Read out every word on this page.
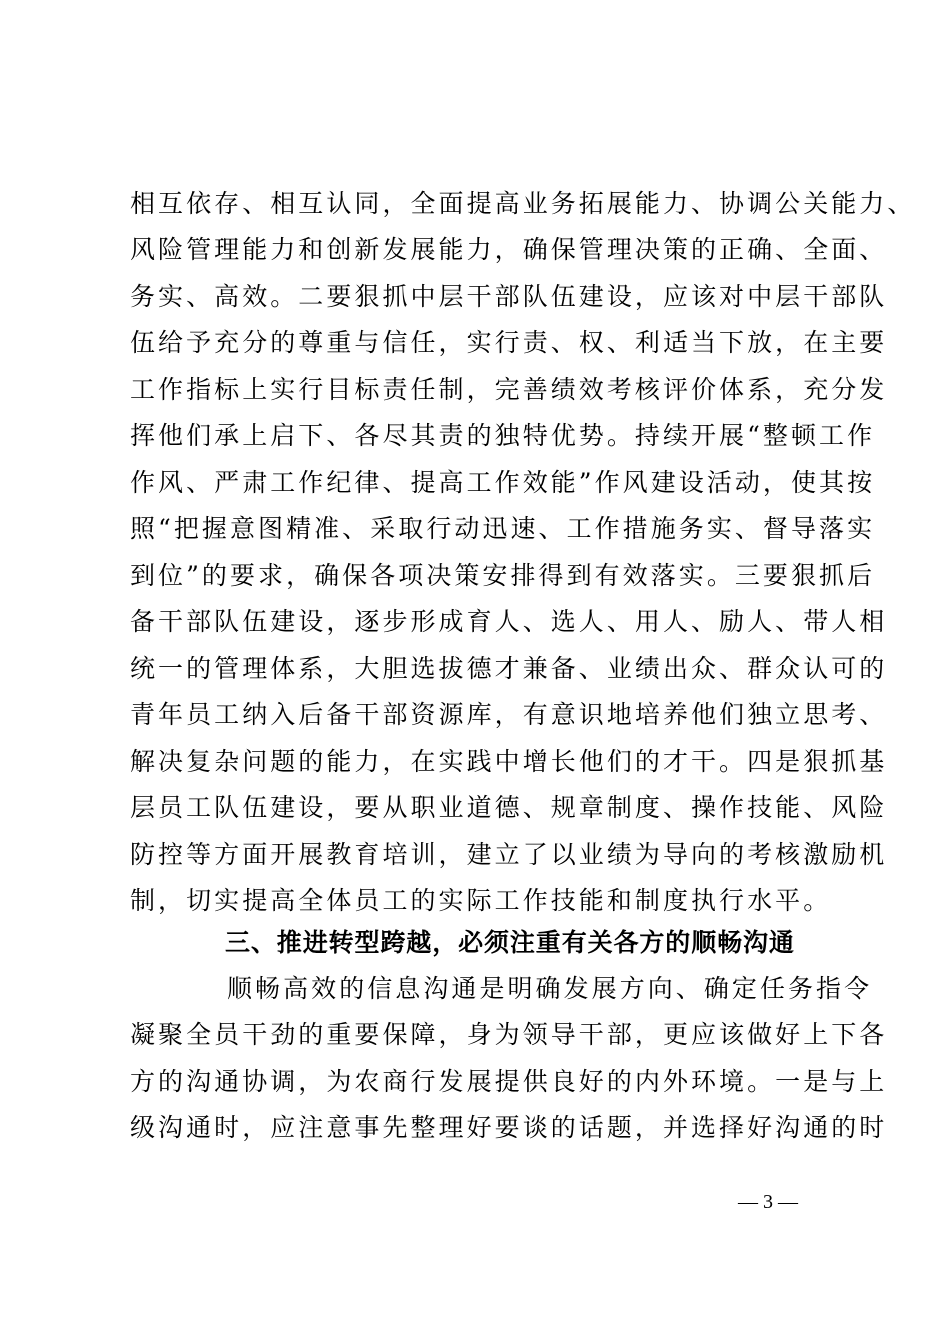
相互依存、相互认同，全面提高业务拓展能力、协调公关能力、
风险管理能力和创新发展能力，确保管理决策的正确、全面、
务实、高效。二要狠抓中层干部队伍建设，应该对中层干部队
伍给予充分的尊重与信任，实行责、权、利适当下放，在主要
工作指标上实行目标责任制，完善绩效考核评价体系，充分发
挥他们承上启下、各尽其责的独特优势。持续开展“整顿工作
作风、严肃工作纪律、提高工作效能”作风建设活动，使其按
照“把握意图精准、采取行动迅速、工作措施务实、督导落实
到位”的要求，确保各项决策安排得到有效落实。三要狠抓后
备干部队伍建设，逐步形成育人、选人、用人、励人、带人相
统一的管理体系，大胆选拔德才兼备、业绩出众、群众认可的
青年员工纳入后备干部资源库，有意识地培养他们独立思考、
解决复杂问题的能力，在实践中增长他们的才干。四是狠抓基
层员工队伍建设，要从职业道德、规章制度、操作技能、风险
防控等方面开展教育培训，建立了以业绩为导向的考核激励机
制，切实提高全体员工的实际工作技能和制度执行水平。
三、推进转型跨越，必须注重有关各方的顺畅沟通
顺畅高效的信息沟通是明确发展方向、确定任务指令
凝聚全员干劲的重要保障，身为领导干部，更应该做好上下各
方的沟通协调，为农商行发展提供良好的内外环境。一是与上
级沟通时，应注意事先整理好要谈的话题，并选择好沟通的时
— 3 —
